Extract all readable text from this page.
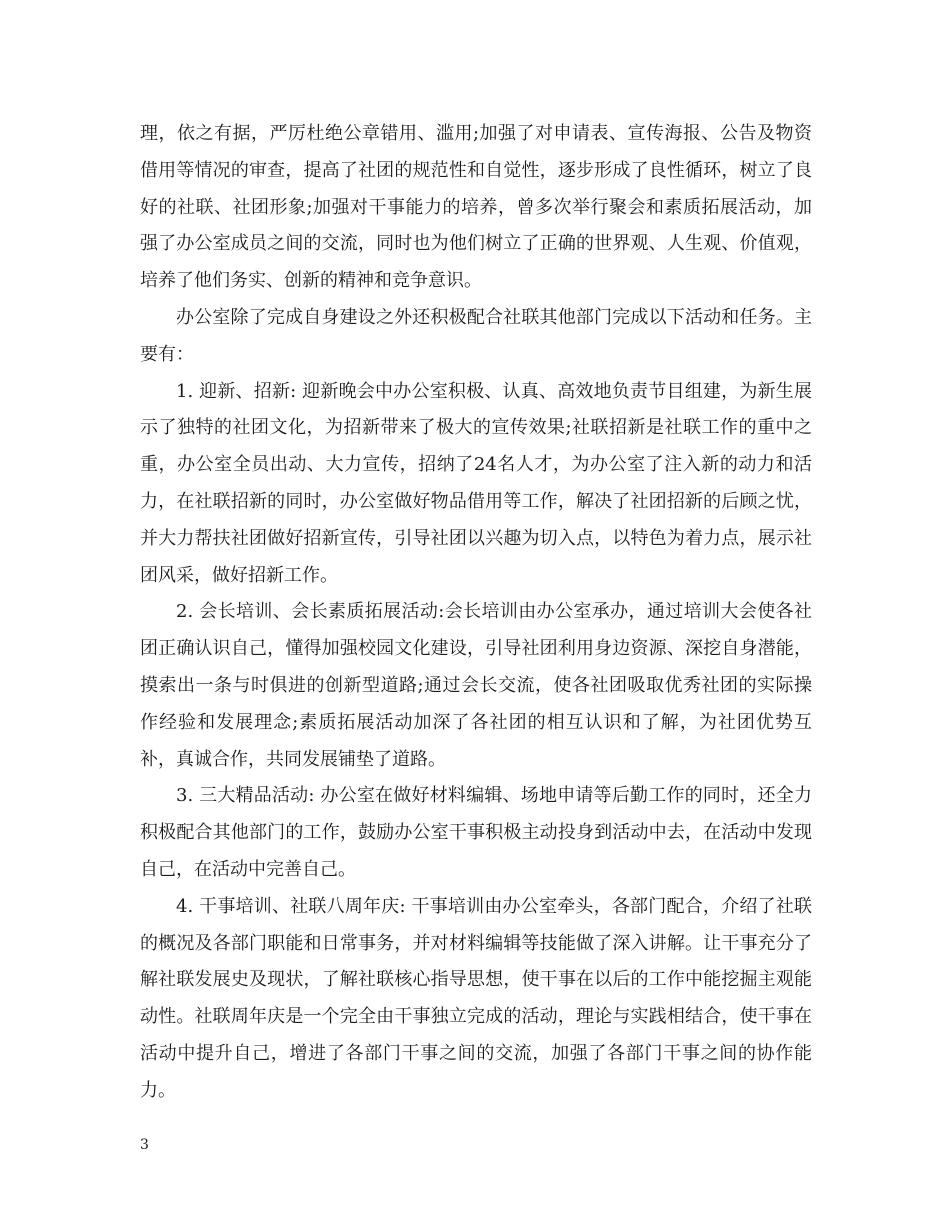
理，依之有据，严厉杜绝公章错用、滥用;加强了对申请表、宣传海报、公告及物资借用等情况的审查，提高了社团的规范性和自觉性，逐步形成了良性循环，树立了良好的社联、社团形象;加强对干事能力的培养，曾多次举行聚会和素质拓展活动，加强了办公室成员之间的交流，同时也为他们树立了正确的世界观、人生观、价值观，培养了他们务实、创新的精神和竞争意识。

办公室除了完成自身建设之外还积极配合社联其他部门完成以下活动和任务。主要有：

1. 迎新、招新: 迎新晚会中办公室积极、认真、高效地负责节目组建，为新生展示了独特的社团文化，为招新带来了极大的宣传效果;社联招新是社联工作的重中之重，办公室全员出动、大力宣传，招纳了24名人才，为办公室了注入新的动力和活力，在社联招新的同时，办公室做好物品借用等工作，解决了社团招新的后顾之忧，并大力帮扶社团做好招新宣传，引导社团以兴趣为切入点，以特色为着力点，展示社团风采，做好招新工作。

2. 会长培训、会长素质拓展活动:会长培训由办公室承办，通过培训大会使各社团正确认识自己，懂得加强校园文化建设，引导社团利用身边资源、深挖自身潜能，摸索出一条与时俱进的创新型道路;通过会长交流，使各社团吸取优秀社团的实际操作经验和发展理念;素质拓展活动加深了各社团的相互认识和了解，为社团优势互补，真诚合作，共同发展铺垫了道路。

3. 三大精品活动: 办公室在做好材料编辑、场地申请等后勤工作的同时，还全力积极配合其他部门的工作，鼓励办公室干事积极主动投身到活动中去，在活动中发现自己，在活动中完善自己。

4. 干事培训、社联八周年庆: 干事培训由办公室牵头，各部门配合，介绍了社联的概况及各部门职能和日常事务，并对材料编辑等技能做了深入讲解。让干事充分了解社联发展史及现状，了解社联核心指导思想，使干事在以后的工作中能挖掘主观能动性。社联周年庆是一个完全由干事独立完成的活动，理论与实践相结合，使干事在活动中提升自己，增进了各部门干事之间的交流，加强了各部门干事之间的协作能力。

3
